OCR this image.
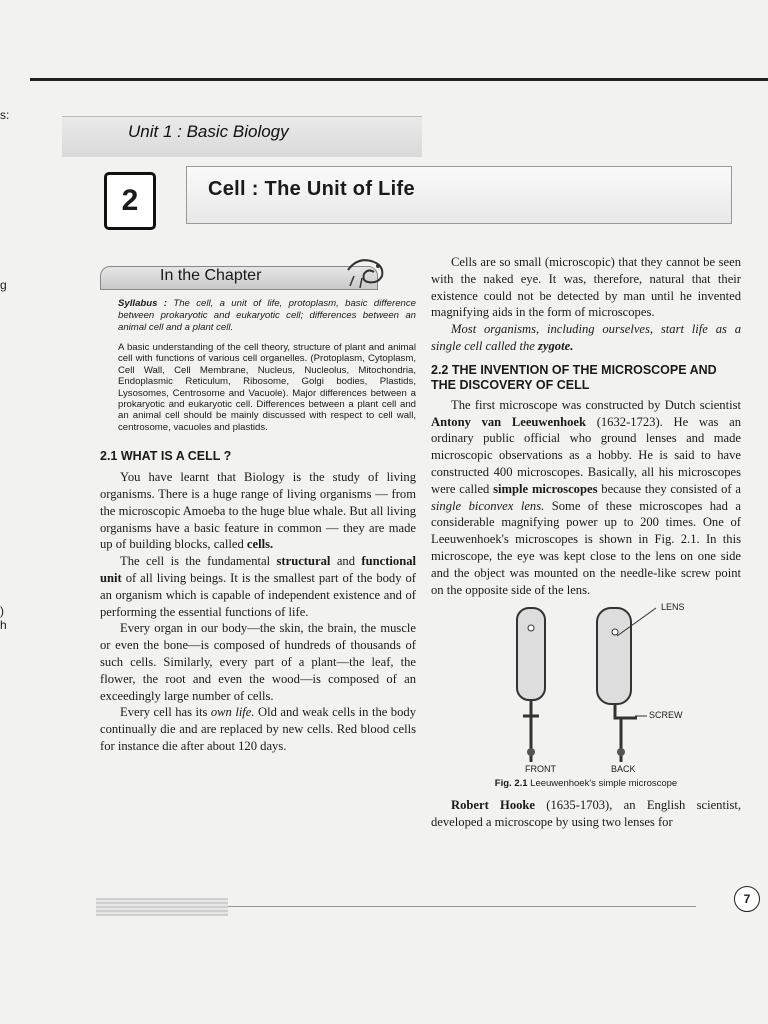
Unit 1 : Basic Biology
2	Cell : The Unit of Life
In the Chapter
Syllabus : The cell, a unit of life, protoplasm, basic difference between prokaryotic and eukaryotic cell; differences between an animal cell and a plant cell.
A basic understanding of the cell theory, structure of plant and animal cell with functions of various cell organelles. (Protoplasm, Cytoplasm, Cell Wall, Cell Membrane, Nucleus, Nucleolus, Mitochondria, Endoplasmic Reticulum, Ribosome, Golgi bodies, Plastids, Lysosomes, Centrosome and Vacuole). Major differences between a prokaryotic and eukaryotic cell. Differences between a plant cell and an animal cell should be mainly discussed with respect to cell wall, centrosome, vacuoles and plastids.
2.1 WHAT IS A CELL ?

You have learnt that Biology is the study of living organisms. There is a huge range of living organisms — from the microscopic Amoeba to the huge blue whale. But all living organisms have a basic feature in common — they are made up of building blocks, called cells.

The cell is the fundamental structural and functional unit of all living beings. It is the smallest part of the body of an organism which is capable of independent existence and of performing the essential functions of life.

Every organ in our body—the skin, the brain, the muscle or even the bone—is composed of hundreds of thousands of such cells. Similarly, every part of a plant—the leaf, the flower, the root and even the wood—is composed of an exceedingly large number of cells.

Every cell has its own life. Old and weak cells in the body continually die and are replaced by new cells. Red blood cells for instance die after about 120 days.

Cells are so small (microscopic) that they cannot be seen with the naked eye. It was, therefore, natural that their existence could not be detected by man until he invented magnifying aids in the form of microscopes.

Most organisms, including ourselves, start life as a single cell called the zygote.

2.2 THE INVENTION OF THE MICROSCOPE AND THE DISCOVERY OF CELL

The first microscope was constructed by Dutch scientist Antony van Leeuwenhoek (1632-1723). He was an ordinary public official who ground lenses and made microscopic observations as a hobby. He is said to have constructed 400 microscopes. Basically, all his microscopes were called simple microscopes because they consisted of a single biconvex lens. Some of these microscopes had a considerable magnifying power up to 200 times. One of Leeuwenhoek's microscopes is shown in Fig. 2.1. In this microscope, the eye was kept close to the lens on one side and the object was mounted on the needle-like screw point on the opposite side of the lens.

LENS
SCREW
FRONT	BACK
Fig. 2.1 Leeuwenhoek's simple microscope

Robert Hooke (1635-1703), an English scientist, developed a microscope by using two lenses for

7
s:
g
)
h
